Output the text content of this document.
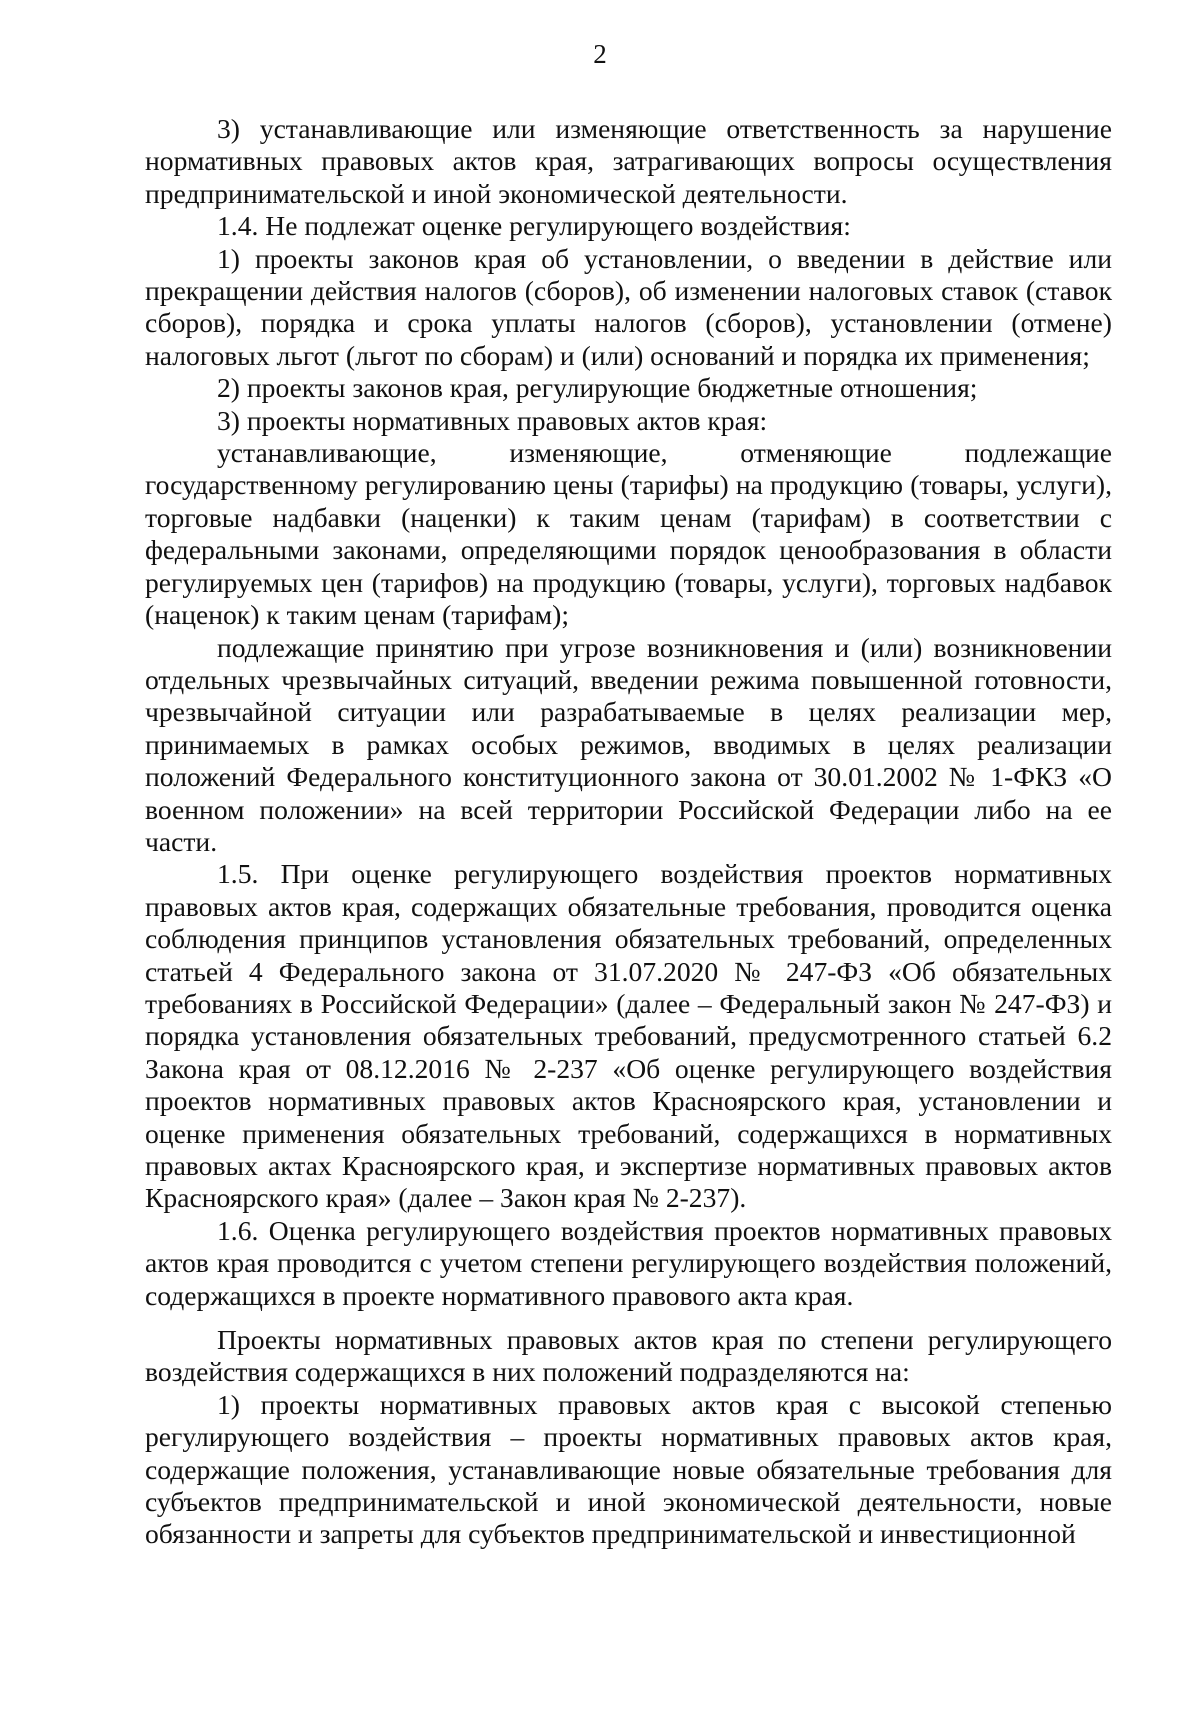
2

3) устанавливающие или изменяющие ответственность за нарушение нормативных правовых актов края, затрагивающих вопросы осуществления предпринимательской и иной экономической деятельности.

1.4. Не подлежат оценке регулирующего воздействия:

1) проекты законов края об установлении, о введении в действие или прекращении действия налогов (сборов), об изменении налоговых ставок (ставок сборов), порядка и срока уплаты налогов (сборов), установлении (отмене) налоговых льгот (льгот по сборам) и (или) оснований и порядка их применения;

2) проекты законов края, регулирующие бюджетные отношения;

3) проекты нормативных правовых актов края:

устанавливающие, изменяющие, отменяющие подлежащие государственному регулированию цены (тарифы) на продукцию (товары, услуги), торговые надбавки (наценки) к таким ценам (тарифам) в соответствии с федеральными законами, определяющими порядок ценообразования в области регулируемых цен (тарифов) на продукцию (товары, услуги), торговых надбавок (наценок) к таким ценам (тарифам);

подлежащие принятию при угрозе возникновения и (или) возникновении отдельных чрезвычайных ситуаций, введении режима повышенной готовности, чрезвычайной ситуации или разрабатываемые в целях реализации мер, принимаемых в рамках особых режимов, вводимых в целях реализации положений Федерального конституционного закона от 30.01.2002 № 1-ФКЗ «О военном положении» на всей территории Российской Федерации либо на ее части.

1.5. При оценке регулирующего воздействия проектов нормативных правовых актов края, содержащих обязательные требования, проводится оценка соблюдения принципов установления обязательных требований, определенных статьей 4 Федерального закона от 31.07.2020 № 247-ФЗ «Об обязательных требованиях в Российской Федерации» (далее – Федеральный закон № 247-ФЗ) и порядка установления обязательных требований, предусмотренного статьей 6.2 Закона края от 08.12.2016 № 2-237 «Об оценке регулирующего воздействия проектов нормативных правовых актов Красноярского края, установлении и оценке применения обязательных требований, содержащихся в нормативных правовых актах Красноярского края, и экспертизе нормативных правовых актов Красноярского края» (далее – Закон края № 2-237).

1.6. Оценка регулирующего воздействия проектов нормативных правовых актов края проводится с учетом степени регулирующего воздействия положений, содержащихся в проекте нормативного правового акта края.

Проекты нормативных правовых актов края по степени регулирующего воздействия содержащихся в них положений подразделяются на:

1) проекты нормативных правовых актов края с высокой степенью регулирующего воздействия – проекты нормативных правовых актов края, содержащие положения, устанавливающие новые обязательные требования для субъектов предпринимательской и иной экономической деятельности, новые обязанности и запреты для субъектов предпринимательской и инвестиционной
